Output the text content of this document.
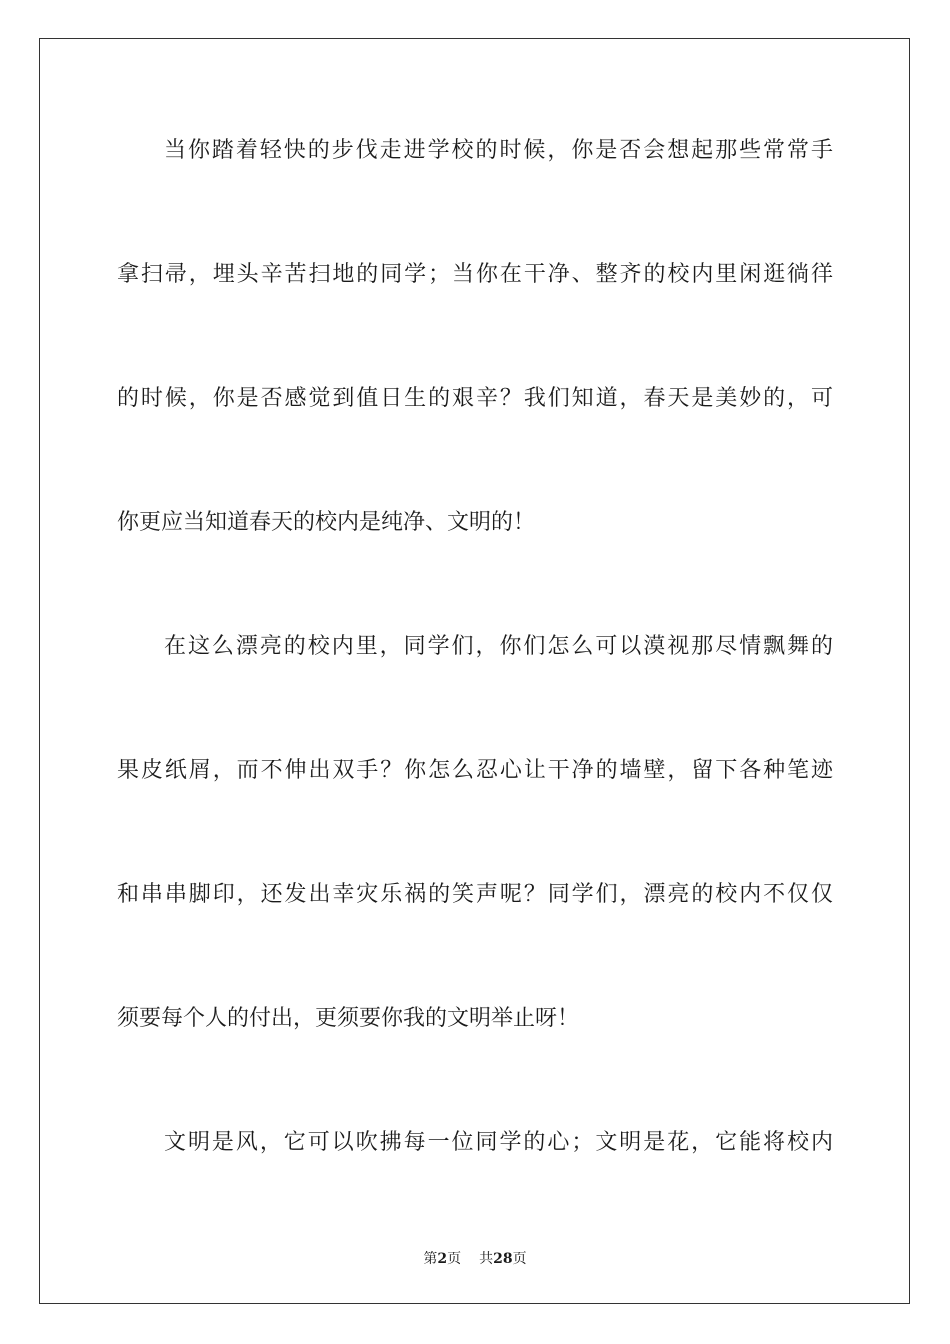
当你踏着轻快的步伐走进学校的时候，你是否会想起那些常常手
拿扫帚，埋头辛苦扫地的同学；当你在干净、整齐的校内里闲逛徜徉
的时候，你是否感觉到值日生的艰辛？我们知道，春天是美妙的，可
你更应当知道春天的校内是纯净、文明的！
在这么漂亮的校内里，同学们，你们怎么可以漠视那尽情飘舞的
果皮纸屑，而不伸出双手？你怎么忍心让干净的墙壁，留下各种笔迹
和串串脚印，还发出幸灾乐祸的笑声呢？同学们，漂亮的校内不仅仅
须要每个人的付出，更须要你我的文明举止呀！
文明是风，它可以吹拂每一位同学的心；文明是花，它能将校内
第2页 共28页
